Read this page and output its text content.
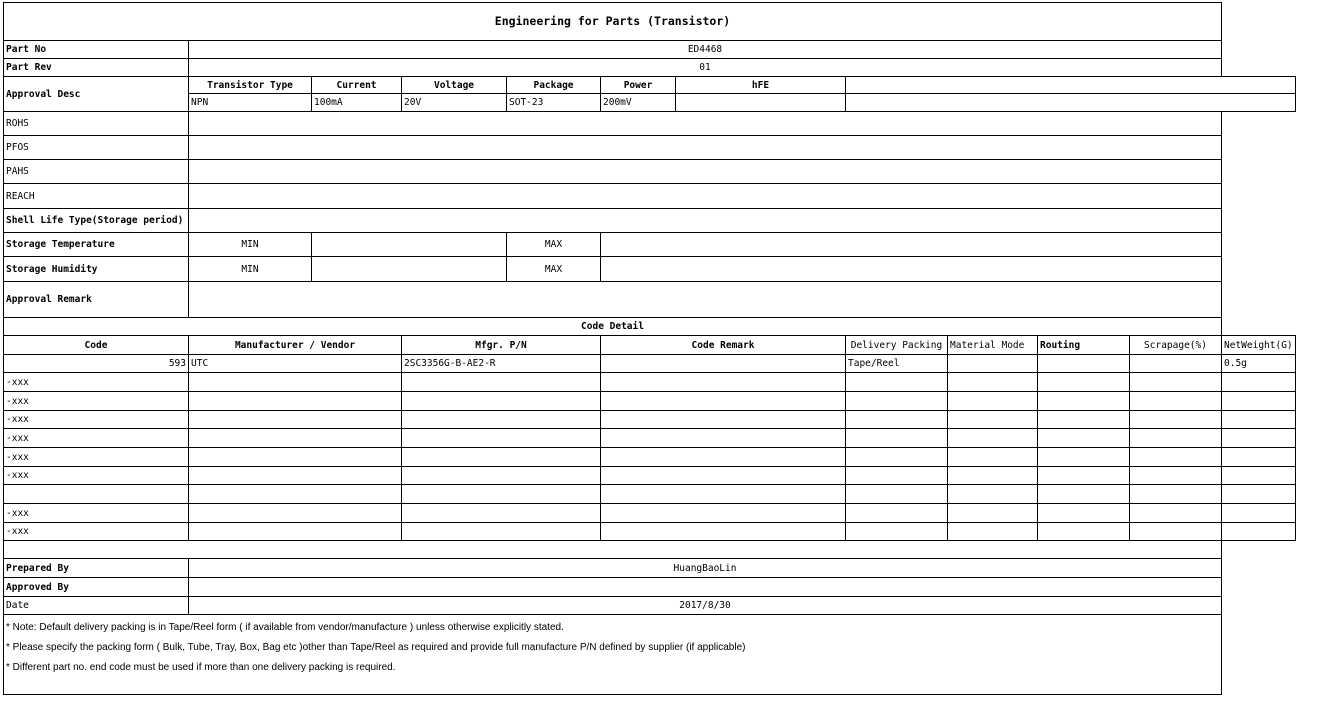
Engineering for Parts (Transistor)											
Part No	ED4468										
Part Rev	01										
Approval Desc	Transistor Type	Current	Voltage	Package	Power	hFE					
	NPN	100mA	20V	SOT-23	200mV						
ROHS											
PFOS											
PAHS											
REACH											
Shell Life Type(Storage period)											
Storage Temperature	MIN			MAX							
Storage Humidity	MIN			MAX							
Approval Remark											
Code Detail											
Code	Manufacturer / Vendor		Mfgr. P/N		Code Remark		Delivery Packing	Material Mode	Routing	Scrapage(%)	NetWeight(G)
593	UTC		2SC3356G-B-AE2-R				Tape/Reel				0.5g
-xxx											
-xxx											
-xxx											
-xxx											
-xxx											
-xxx											

-xxx											
-xxx											

Prepared By	HuangBaoLin										
Approved By											
Date	2017/8/30										

* Note: Default delivery packing is in Tape/Reel form ( if available from vendor/manufacture ) unless otherwise explicitly stated.
* Please specify the packing form ( Bulk, Tube, Tray, Box, Bag etc )other than Tape/Reel as required and provide full manufacture P/N defined by supplier (if applicable)
* Different part no. end code must be used if more than one delivery packing is required.											
